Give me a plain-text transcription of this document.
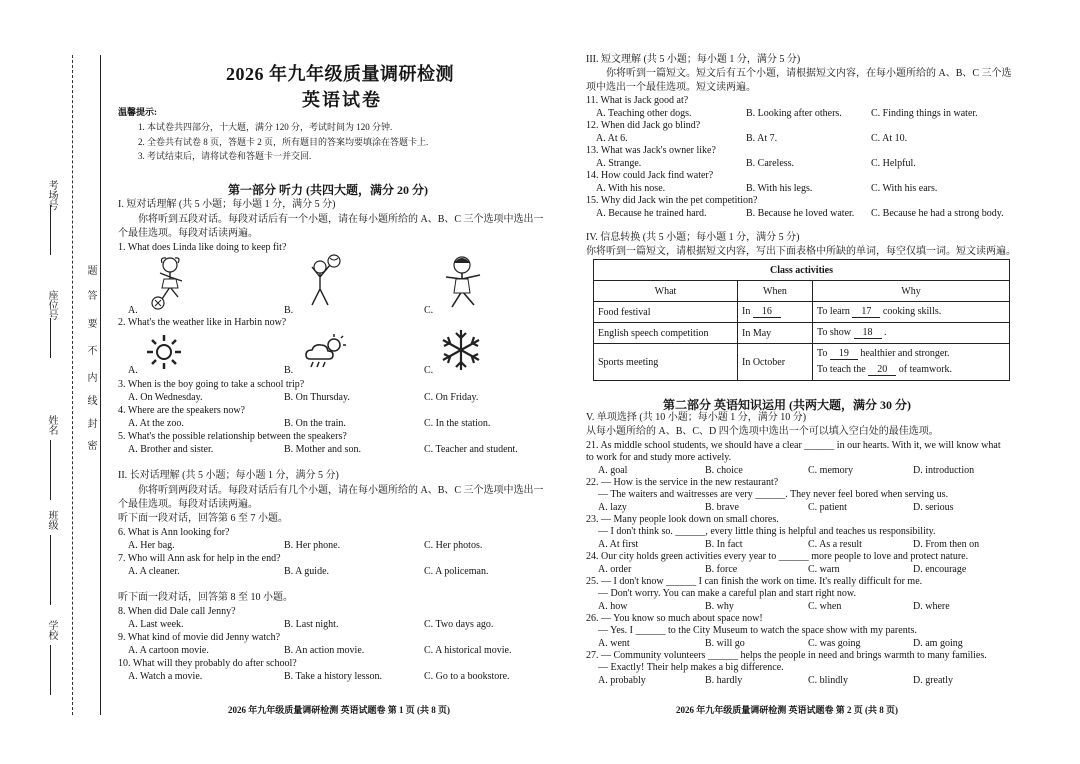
考场号
座位号
姓名
班级
学校
密
封
线
内
不
要
答
题
2026 年九年级质量调研检测
英语试卷
温馨提示:
1. 本试卷共四部分，十大题，满分 120 分，考试时间为 120 分钟.
2. 全卷共有试卷 8 页，答题卡 2 页，所有题目的答案均要填涂在答题卡上.
3. 考试结束后，请将试卷和答题卡一并交回.
第一部分 听力 (共四大题，满分 20 分)
I. 短对话理解 (共 5 小题；每小题 1 分，满分 5 分)
你将听到五段对话。每段对话后有一个小题，请在每小题所给的 A、B、C 三个选项中选出一
个最佳选项。每段对话读两遍。
1. What does Linda like doing to keep fit?
A.	B.	C.
2. What's the weather like in Harbin now?
A.	B.	C.
3. When is the boy going to take a school trip?
A. On Wednesday.	B. On Thursday.	C. On Friday.
4. Where are the speakers now?
A. At the zoo.	B. On the train.	C. In the station.
5. What's the possible relationship between the speakers?
A. Brother and sister.	B. Mother and son.	C. Teacher and student.
II. 长对话理解 (共 5 小题；每小题 1 分，满分 5 分)
你将听到两段对话。每段对话后有几个小题，请在每小题所给的 A、B、C 三个选项中选出一
个最佳选项。每段对话读两遍。
听下面一段对话，回答第 6 至 7 小题。
6. What is Ann looking for?
A. Her bag.	B. Her phone.	C. Her photos.
7. Who will Ann ask for help in the end?
A. A cleaner.	B. A guide.	C. A policeman.
听下面一段对话，回答第 8 至 10 小题。
8. When did Dale call Jenny?
A. Last week.	B. Last night.	C. Two days ago.
9. What kind of movie did Jenny watch?
A. A cartoon movie.	B. An action movie.	C. A historical movie.
10. What will they probably do after school?
A. Watch a movie.	B. Take a history lesson.	C. Go to a bookstore.
2026 年九年级质量调研检测 英语试题卷 第 1 页 (共 8 页)
III. 短文理解 (共 5 小题；每小题 1 分，满分 5 分)
你将听到一篇短文。短文后有五个小题，请根据短文内容，在每小题所给的 A、B、C 三个选
项中选出一个最佳选项。短文读两遍。
11. What is Jack good at?
A. Teaching other dogs.	B. Looking after others.	C. Finding things in water.
12. When did Jack go blind?
A. At 6.	B. At 7.	C. At 10.
13. What was Jack's owner like?
A. Strange.	B. Careless.	C. Helpful.
14. How could Jack find water?
A. With his nose.	B. With his legs.	C. With his ears.
15. Why did Jack win the pet competition?
A. Because he trained hard.	B. Because he loved water. C. Because he had a strong body.
IV. 信息转换 (共 5 小题；每小题 1 分，满分 5 分)
你将听到一篇短文，请根据短文内容，写出下面表格中所缺的单词，每空仅填一词。短文读两遍。
Class activities		
What	When	Why
Food festival	In 16	To learn 17 cooking skills.
English speech competition	In May	To show 18 .
Sports meeting	In October	To 19 healthier and stronger.
To teach the 20 of teamwork.
第二部分 英语知识运用 (共两大题，满分 30 分)
V. 单项选择 (共 10 小题；每小题 1 分，满分 10 分)
从每小题所给的 A、B、C、D 四个选项中选出一个可以填入空白处的最佳选项。
21. As middle school students, we should have a clear ______ in our hearts. With it, we will know what
to work for and study more actively.
A. goal	B. choice	C. memory	D. introduction
22. — How is the service in the new restaurant?
— The waiters and waitresses are very ______. They never feel bored when serving us.
A. lazy	B. brave	C. patient	D. serious
23. — Many people look down on small chores.
— I don't think so. ______, every little thing is helpful and teaches us responsibility.
A. At first	B. In fact	C. As a result	D. From then on
24. Our city holds green activities every year to ______ more people to love and protect nature.
A. order	B. force	C. warn	D. encourage
25. — I don't know ______ I can finish the work on time. It's really difficult for me.
— Don't worry. You can make a careful plan and start right now.
A. how	B. why	C. when	D. where
26. — You know so much about space now!
— Yes. I ______ to the City Museum to watch the space show with my parents.
A. went	B. will go	C. was going	D. am going
27. — Community volunteers ______ helps the people in need and brings warmth to many families.
— Exactly! Their help makes a big difference.
A. probably	B. hardly	C. blindly	D. greatly
2026 年九年级质量调研检测 英语试题卷 第 2 页 (共 8 页)
